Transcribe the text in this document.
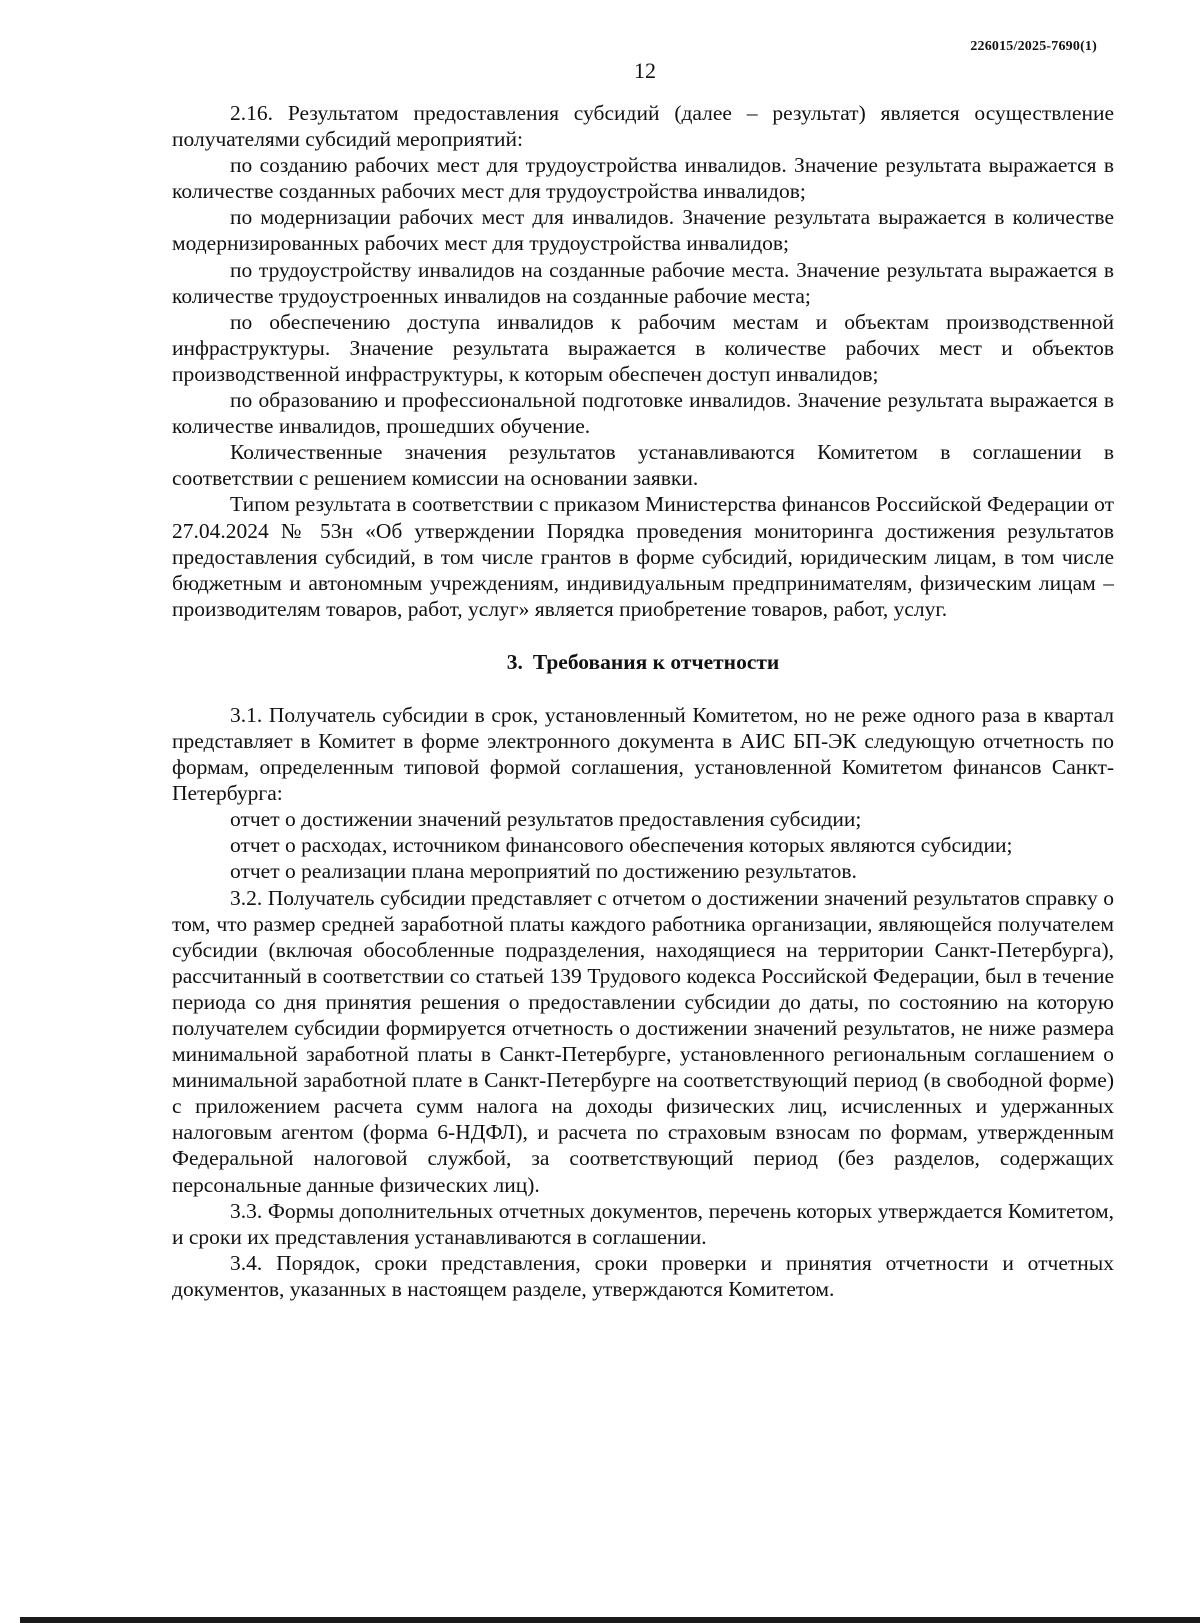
226015/2025-7690(1)
12

2.16. Результатом предоставления субсидий (далее – результат) является осуществление получателями субсидий мероприятий:

по созданию рабочих мест для трудоустройства инвалидов. Значение результата выражается в количестве созданных рабочих мест для трудоустройства инвалидов;

по модернизации рабочих мест для инвалидов. Значение результата выражается в количестве модернизированных рабочих мест для трудоустройства инвалидов;

по трудоустройству инвалидов на созданные рабочие места. Значение результата выражается в количестве трудоустроенных инвалидов на созданные рабочие места;

по обеспечению доступа инвалидов к рабочим местам и объектам производственной инфраструктуры. Значение результата выражается в количестве рабочих мест и объектов производственной инфраструктуры, к которым обеспечен доступ инвалидов;

по образованию и профессиональной подготовке инвалидов. Значение результата выражается в количестве инвалидов, прошедших обучение.

Количественные значения результатов устанавливаются Комитетом в соглашении в соответствии с решением комиссии на основании заявки.

Типом результата в соответствии с приказом Министерства финансов Российской Федерации от 27.04.2024 № 53н «Об утверждении Порядка проведения мониторинга достижения результатов предоставления субсидий, в том числе грантов в форме субсидий, юридическим лицам, в том числе бюджетным и автономным учреждениям, индивидуальным предпринимателям, физическим лицам – производителям товаров, работ, услуг» является приобретение товаров, работ, услуг.

3. Требования к отчетности

3.1. Получатель субсидии в срок, установленный Комитетом, но не реже одного раза в квартал представляет в Комитет в форме электронного документа в АИС БП-ЭК следующую отчетность по формам, определенным типовой формой соглашения, установленной Комитетом финансов Санкт-Петербурга:

отчет о достижении значений результатов предоставления субсидии;

отчет о расходах, источником финансового обеспечения которых являются субсидии;

отчет о реализации плана мероприятий по достижению результатов.

3.2. Получатель субсидии представляет с отчетом о достижении значений результатов справку о том, что размер средней заработной платы каждого работника организации, являющейся получателем субсидии (включая обособленные подразделения, находящиеся на территории Санкт-Петербурга), рассчитанный в соответствии со статьей 139 Трудового кодекса Российской Федерации, был в течение периода со дня принятия решения о предоставлении субсидии до даты, по состоянию на которую получателем субсидии формируется отчетность о достижении значений результатов, не ниже размера минимальной заработной платы в Санкт-Петербурге, установленного региональным соглашением о минимальной заработной плате в Санкт-Петербурге на соответствующий период (в свободной форме) с приложением расчета сумм налога на доходы физических лиц, исчисленных и удержанных налоговым агентом (форма 6-НДФЛ), и расчета по страховым взносам по формам, утвержденным Федеральной налоговой службой, за соответствующий период (без разделов, содержащих персональные данные физических лиц).

3.3. Формы дополнительных отчетных документов, перечень которых утверждается Комитетом, и сроки их представления устанавливаются в соглашении.

3.4. Порядок, сроки представления, сроки проверки и принятия отчетности и отчетных документов, указанных в настоящем разделе, утверждаются Комитетом.
